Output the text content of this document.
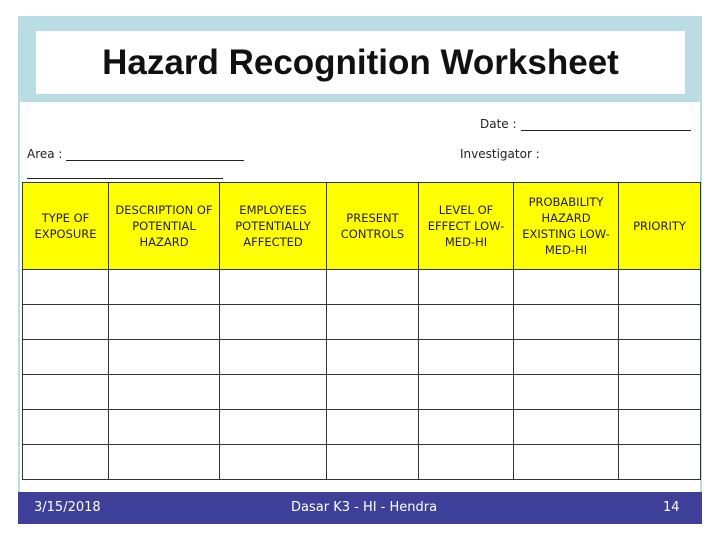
Hazard Recognition Worksheet
Date :
Area :	Investigator :
TYPE OF EXPOSURE	DESCRIPTION OF POTENTIAL HAZARD	EMPLOYEES POTENTIALLY AFFECTED	PRESENT CONTROLS	LEVEL OF EFFECT LOW-MED-HI	PROBABILITY HAZARD EXISTING LOW-MED-HI	PRIORITY

3/15/2018	Dasar K3 - HI - Hendra	14
